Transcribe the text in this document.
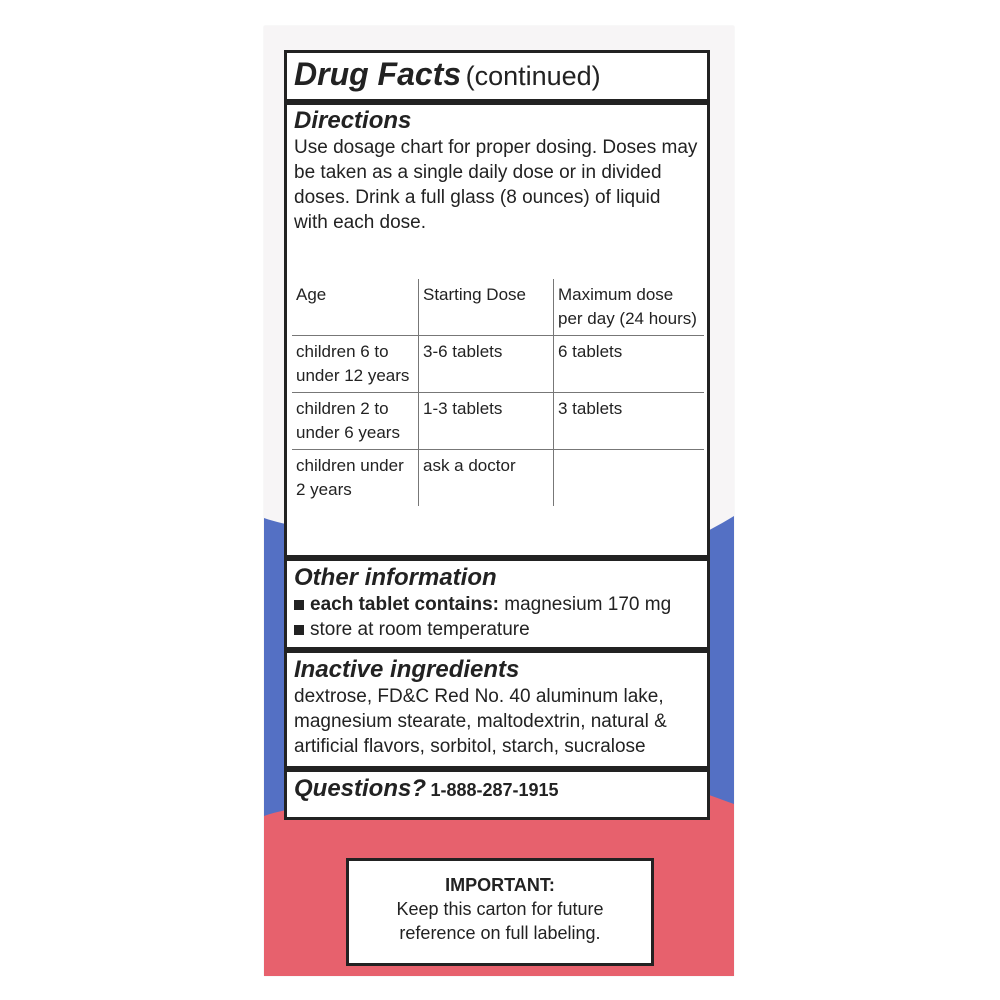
Drug Facts (continued)
Directions
Use dosage chart for proper dosing. Doses may
be taken as a single daily dose or in divided
doses. Drink a full glass (8 ounces) of liquid
with each dose.
Age	Starting Dose	Maximum dose per day (24 hours)
children 6 to under 12 years	3-6 tablets	6 tablets
children 2 to under 6 years	1-3 tablets	3 tablets
children under 2 years	ask a doctor	
Other information
each tablet contains: magnesium 170 mg
store at room temperature
Inactive ingredients
dextrose, FD&C Red No. 40 aluminum lake,
magnesium stearate, maltodextrin, natural &
artificial flavors, sorbitol, starch, sucralose
Questions? 1-888-287-1915
IMPORTANT:
Keep this carton for future
reference on full labeling.
